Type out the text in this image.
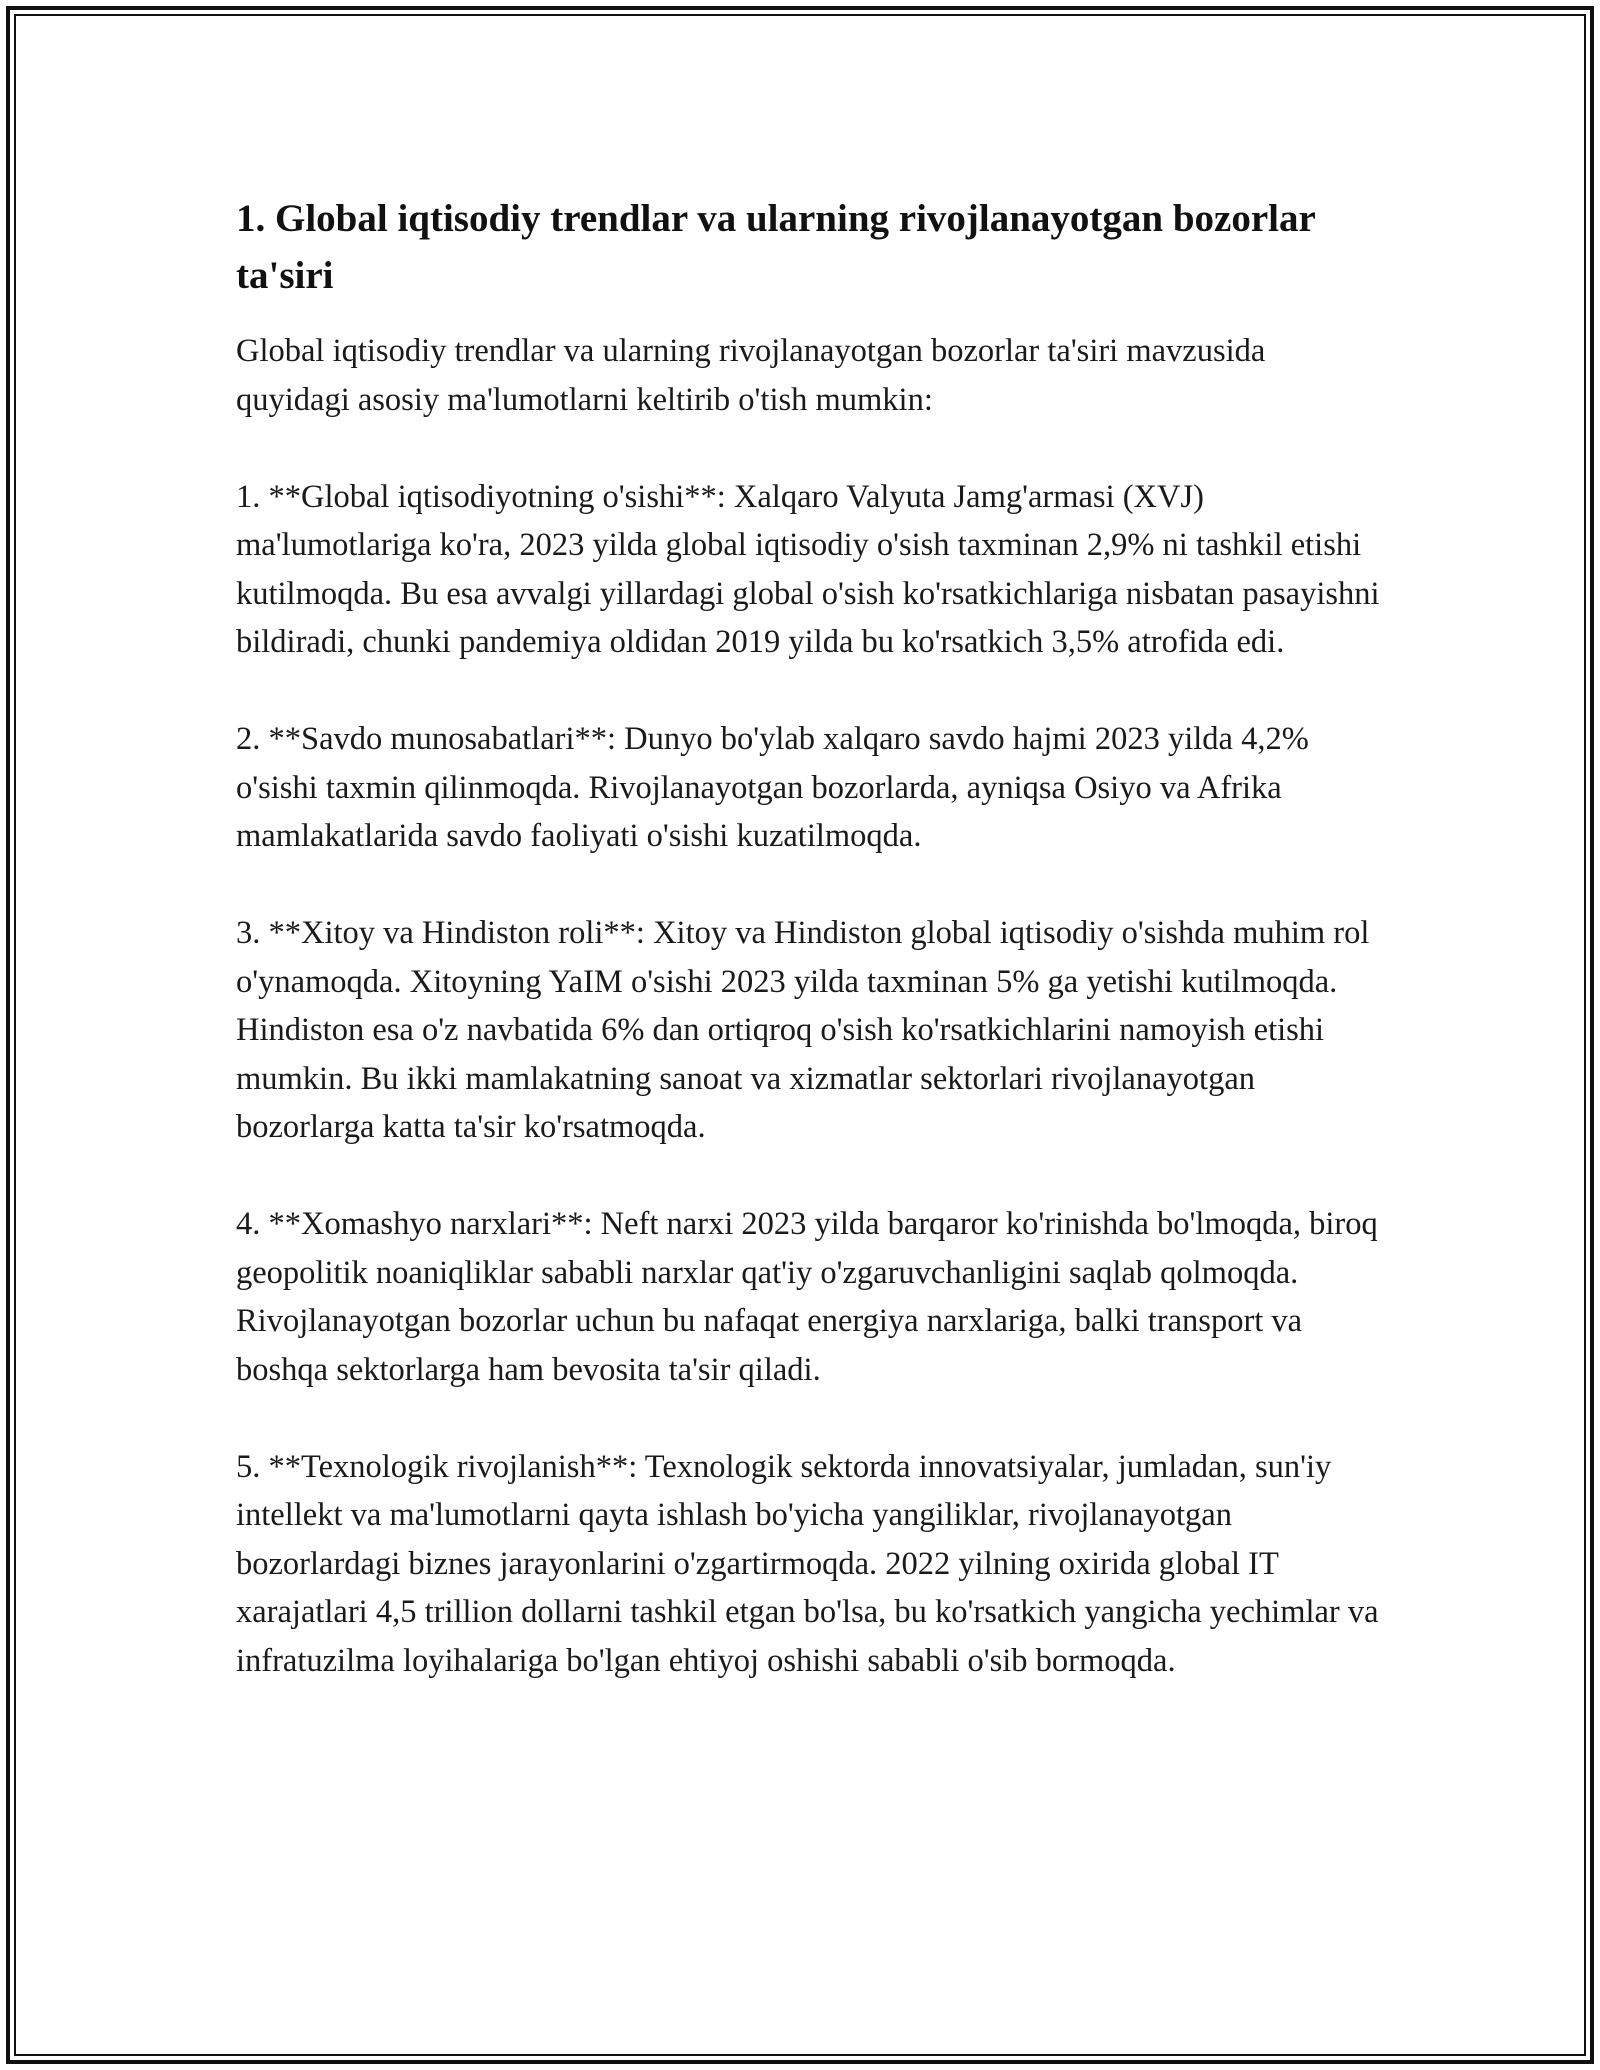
1. Global iqtisodiy trendlar va ularning rivojlanayotgan bozorlar ta'siri

Global iqtisodiy trendlar va ularning rivojlanayotgan bozorlar ta'siri mavzusida quyidagi asosiy ma'lumotlarni keltirib o'tish mumkin:

1. **Global iqtisodiyotning o'sishi**: Xalqaro Valyuta Jamg'armasi (XVJ) ma'lumotlariga ko'ra, 2023 yilda global iqtisodiy o'sish taxminan 2,9% ni tashkil etishi kutilmoqda. Bu esa avvalgi yillardagi global o'sish ko'rsatkichlariga nisbatan pasayishni bildiradi, chunki pandemiya oldidan 2019 yilda bu ko'rsatkich 3,5% atrofida edi.

2. **Savdo munosabatlari**: Dunyo bo'ylab xalqaro savdo hajmi 2023 yilda 4,2% o'sishi taxmin qilinmoqda. Rivojlanayotgan bozorlarda, ayniqsa Osiyo va Afrika mamlakatlarida savdo faoliyati o'sishi kuzatilmoqda.

3. **Xitoy va Hindiston roli**: Xitoy va Hindiston global iqtisodiy o'sishda muhim rol o'ynamoqda. Xitoyning YaIM o'sishi 2023 yilda taxminan 5% ga yetishi kutilmoqda. Hindiston esa o'z navbatida 6% dan ortiqroq o'sish ko'rsatkichlarini namoyish etishi mumkin. Bu ikki mamlakatning sanoat va xizmatlar sektorlari rivojlanayotgan bozorlarga katta ta'sir ko'rsatmoqda.

4. **Xomashyo narxlari**: Neft narxi 2023 yilda barqaror ko'rinishda bo'lmoqda, biroq geopolitik noaniqliklar sababli narxlar qat'iy o'zgaruvchanligini saqlab qolmoqda. Rivojlanayotgan bozorlar uchun bu nafaqat energiya narxlariga, balki transport va boshqa sektorlarga ham bevosita ta'sir qiladi.

5. **Texnologik rivojlanish**: Texnologik sektorda innovatsiyalar, jumladan, sun'iy intellekt va ma'lumotlarni qayta ishlash bo'yicha yangiliklar, rivojlanayotgan bozorlardagi biznes jarayonlarini o'zgartirmoqda. 2022 yilning oxirida global IT xarajatlari 4,5 trillion dollarni tashkil etgan bo'lsa, bu ko'rsatkich yangicha yechimlar va infratuzilma loyihalariga bo'lgan ehtiyoj oshishi sababli o'sib bormoqda.
